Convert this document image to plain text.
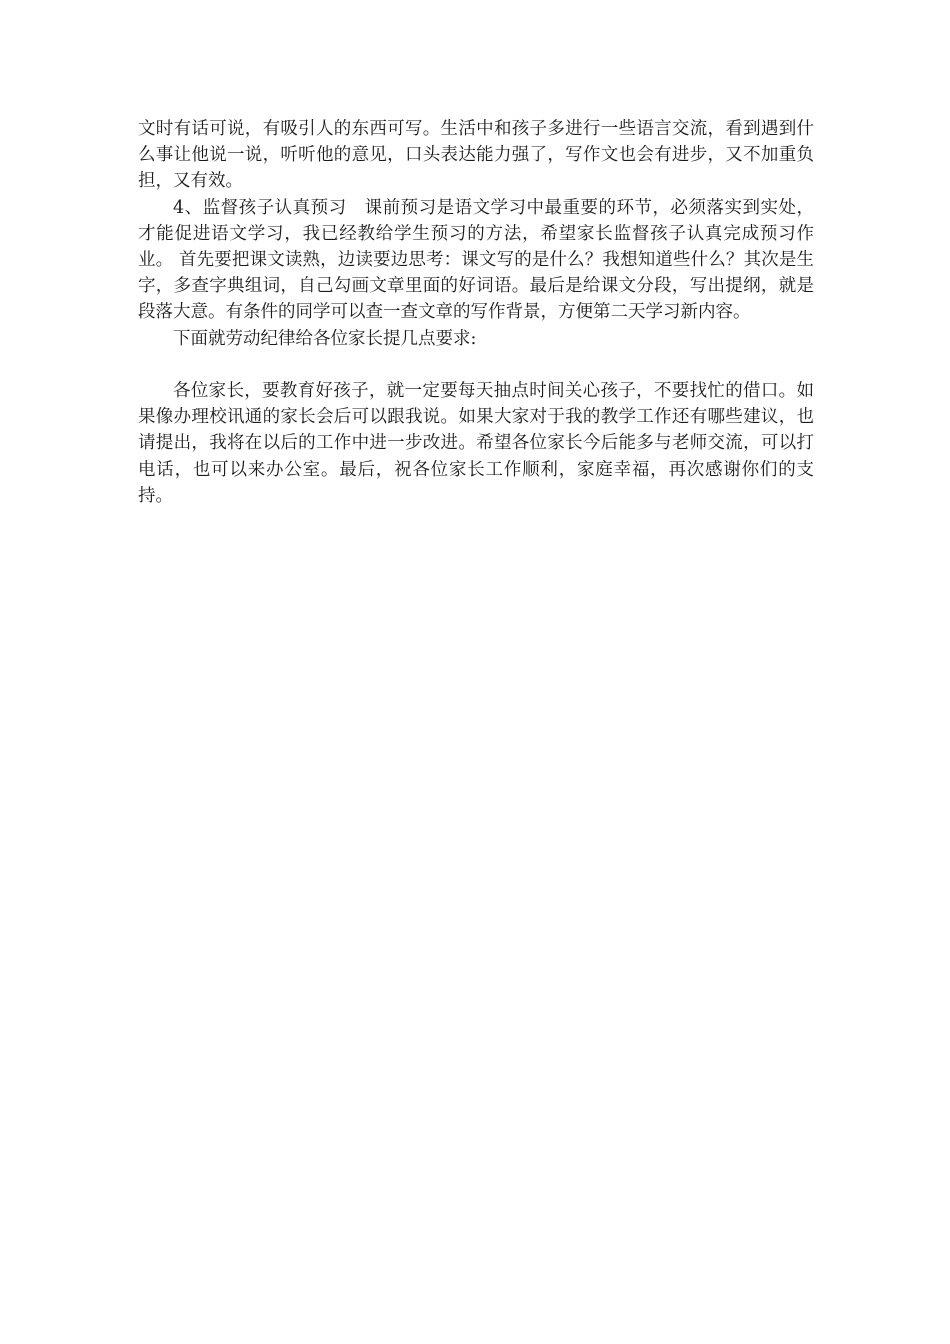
文时有话可说，有吸引人的东西可写。生活中和孩子多进行一些语言交流，看到遇到什么事让他说一说，听听他的意见，口头表达能力强了，写作文也会有进步，又不加重负担，又有效。

4、监督孩子认真预习　课前预习是语文学习中最重要的环节，必须落实到实处，才能促进语文学习，我已经教给学生预习的方法，希望家长监督孩子认真完成预习作业。 首先要把课文读熟，边读要边思考：课文写的是什么？我想知道些什么？其次是生字，多查字典组词，自己勾画文章里面的好词语。最后是给课文分段，写出提纲，就是段落大意。有条件的同学可以查一查文章的写作背景，方便第二天学习新内容。

下面就劳动纪律给各位家长提几点要求:

各位家长，要教育好孩子，就一定要每天抽点时间关心孩子，不要找忙的借口。如果像办理校讯通的家长会后可以跟我说。如果大家对于我的教学工作还有哪些建议，也请提出，我将在以后的工作中进一步改进。希望各位家长今后能多与老师交流，可以打电话，也可以来办公室。最后，祝各位家长工作顺利，家庭幸福，再次感谢你们的支持。
